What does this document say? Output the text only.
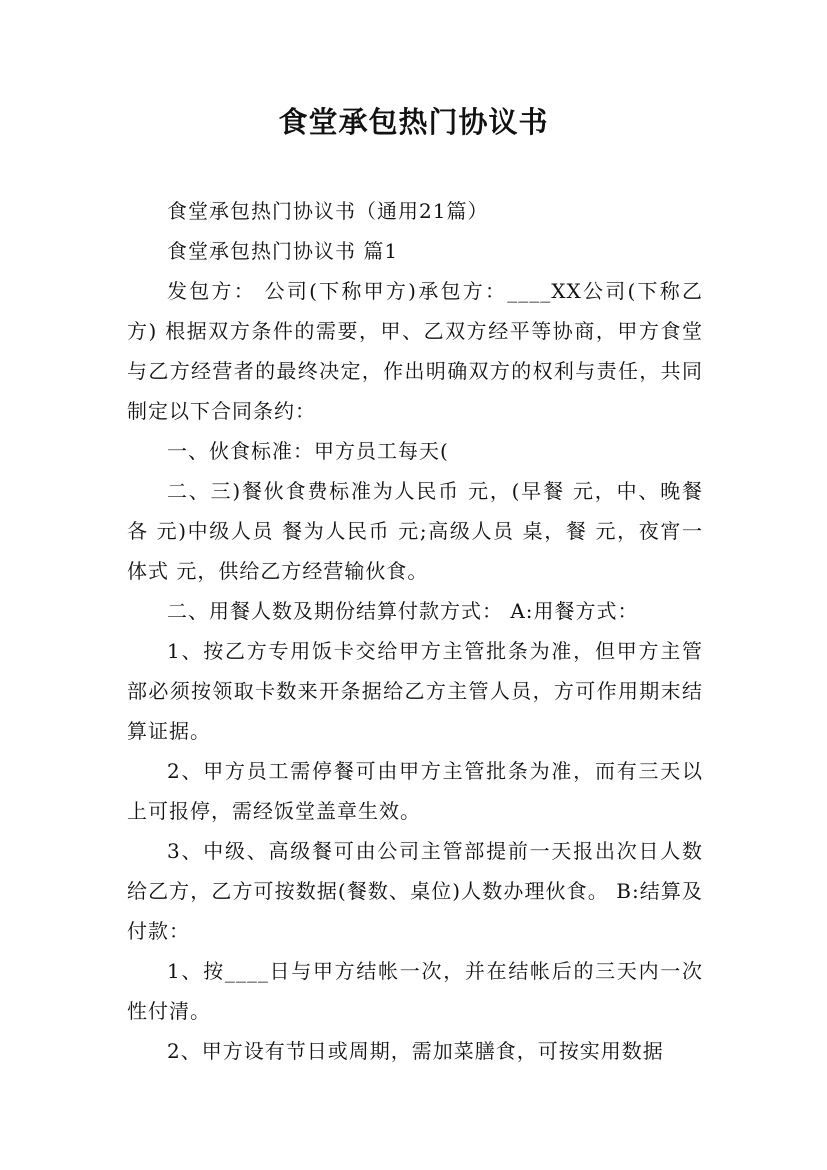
食堂承包热门协议书

食堂承包热门协议书（通用21篇）

食堂承包热门协议书 篇1

发包方： 公司(下称甲方)承包方：____XX公司(下称乙方) 根据双方条件的需要，甲、乙双方经平等协商，甲方食堂与乙方经营者的最终决定，作出明确双方的权利与责任，共同制定以下合同条约：

一、伙食标准：甲方员工每天(

二、三)餐伙食费标准为人民币 元，(早餐 元，中、晚餐各 元)中级人员 餐为人民币 元;高级人员 桌，餐 元，夜宵一体式 元，供给乙方经营输伙食。

二、用餐人数及期份结算付款方式： A:用餐方式：

1、按乙方专用饭卡交给甲方主管批条为准，但甲方主管部必须按领取卡数来开条据给乙方主管人员，方可作用期末结算证据。

2、甲方员工需停餐可由甲方主管批条为准，而有三天以上可报停，需经饭堂盖章生效。

3、中级、高级餐可由公司主管部提前一天报出次日人数给乙方，乙方可按数据(餐数、桌位)人数办理伙食。 B:结算及付款：

1、按____日与甲方结帐一次，并在结帐后的三天内一次性付清。

2、甲方设有节日或周期，需加菜膳食，可按实用数据
